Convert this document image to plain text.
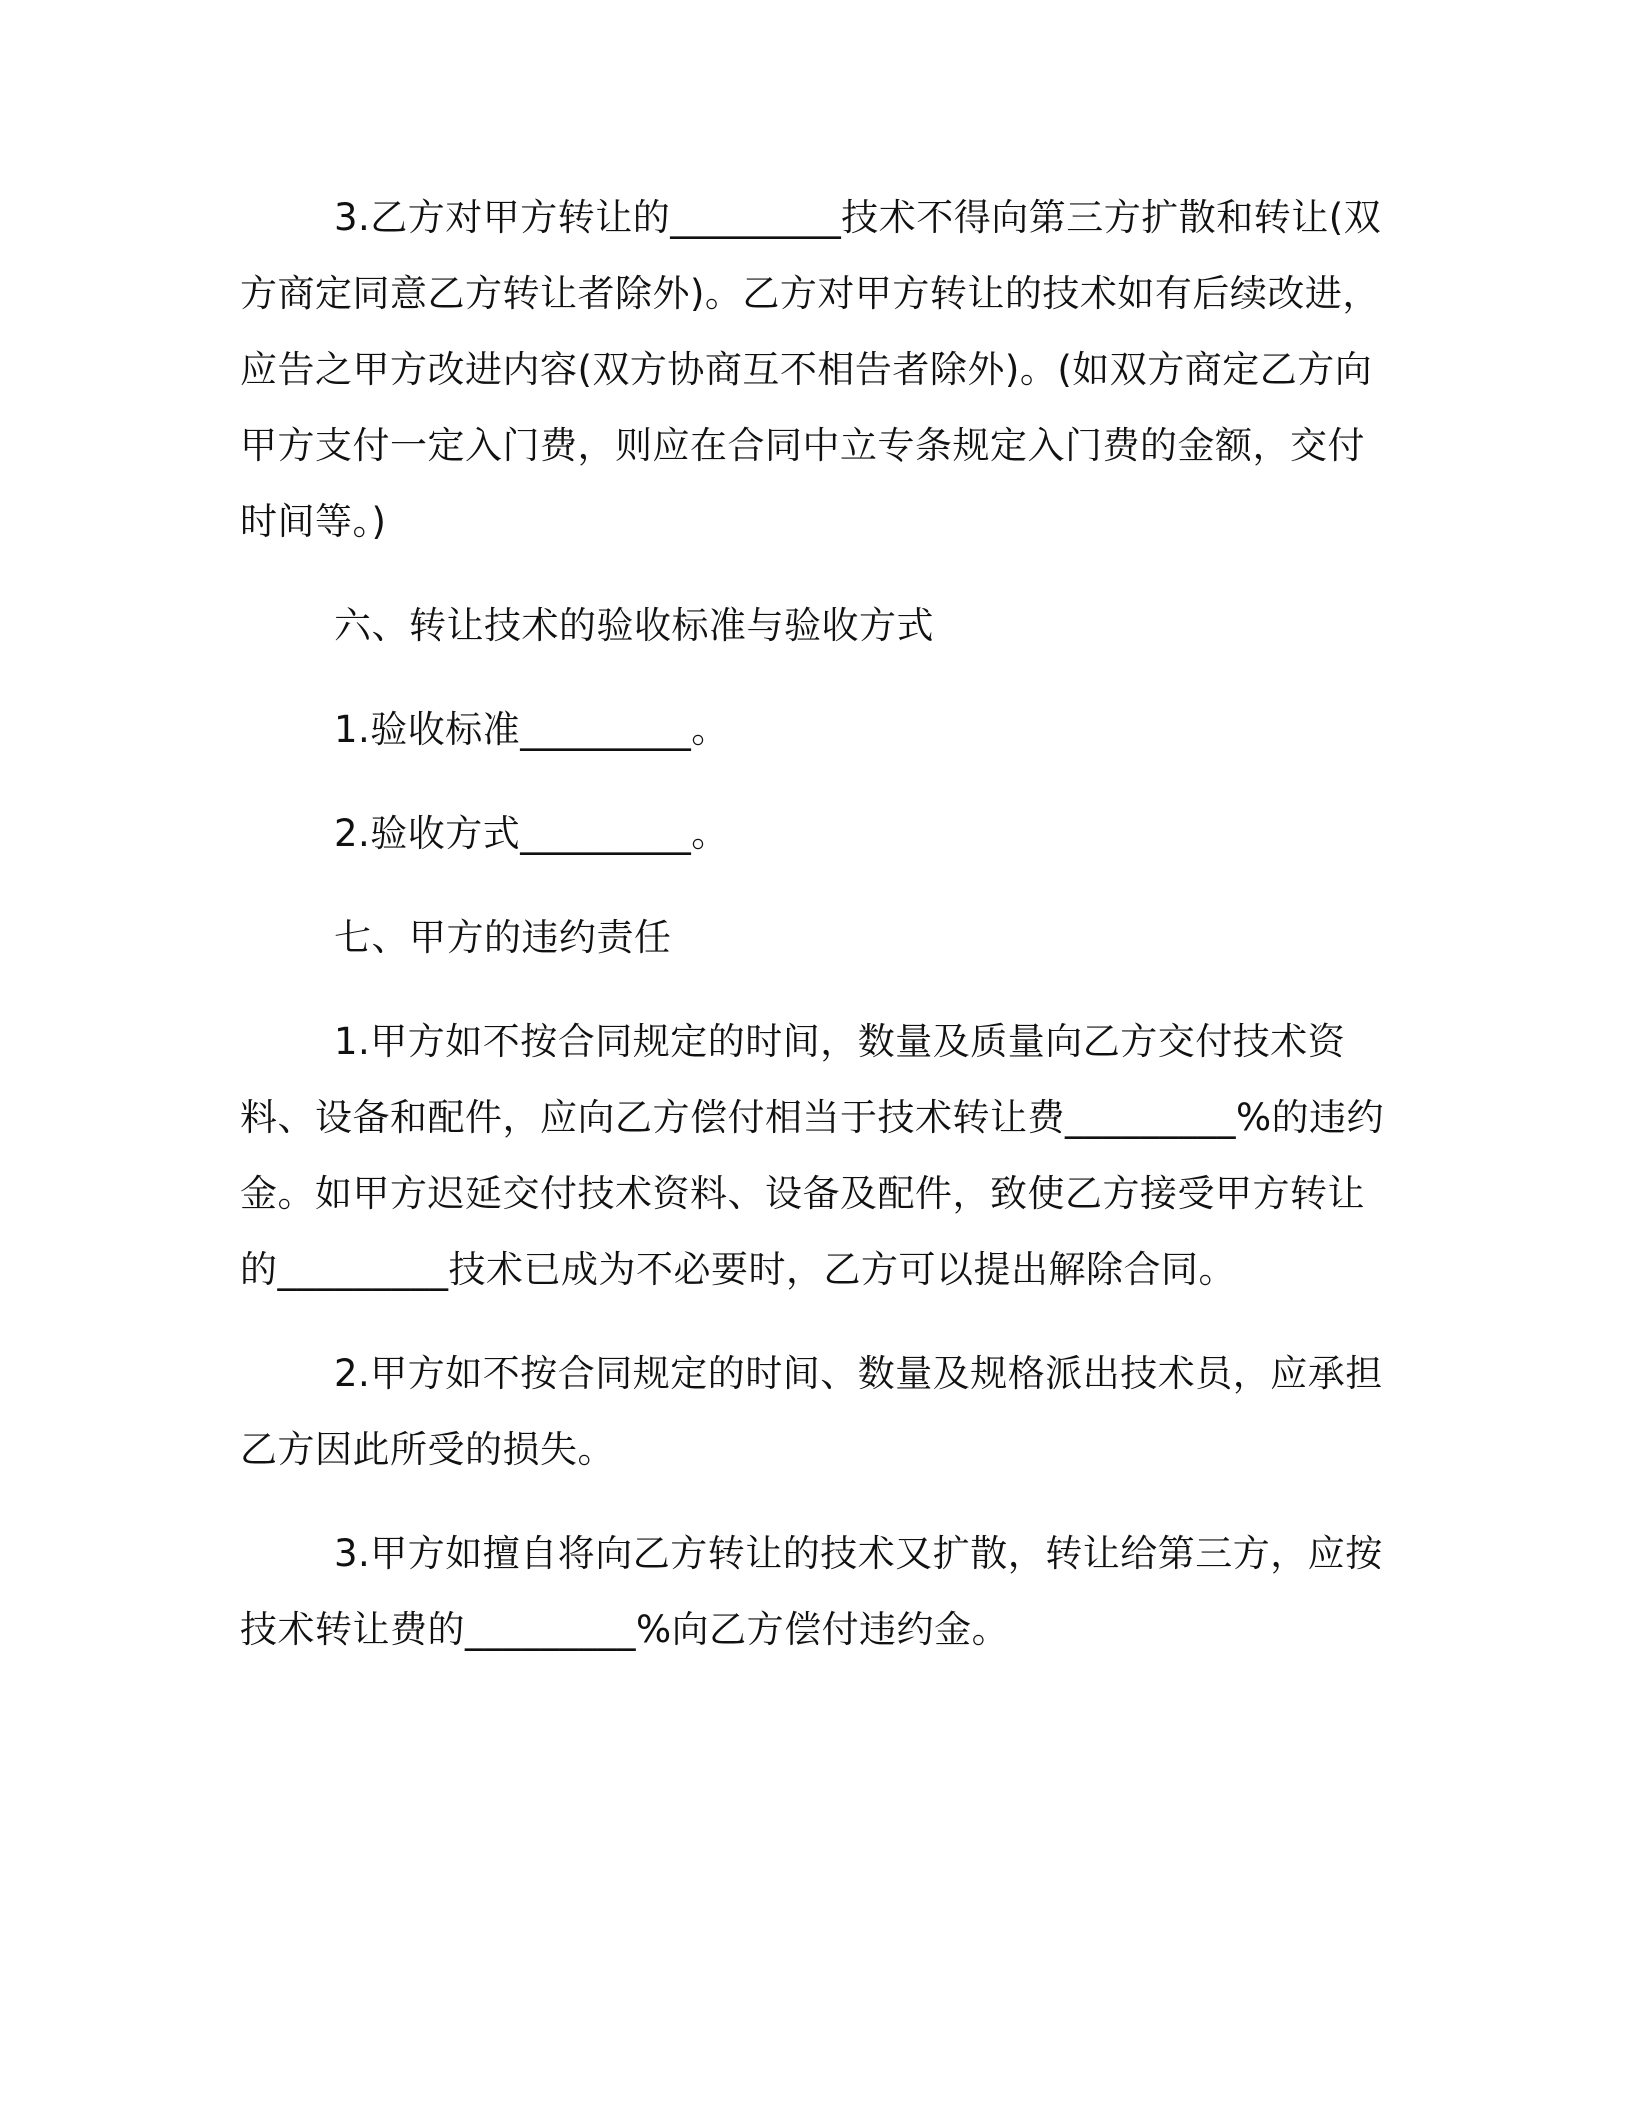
3.乙方对甲方转让的_________技术不得向第三方扩散和转让(双方商定同意乙方转让者除外)。乙方对甲方转让的技术如有后续改进，应告之甲方改进内容(双方协商互不相告者除外)。(如双方商定乙方向甲方支付一定入门费，则应在合同中立专条规定入门费的金额，交付时间等。)

六、转让技术的验收标准与验收方式

1.验收标准_________。

2.验收方式_________。

七、甲方的违约责任

1.甲方如不按合同规定的时间，数量及质量向乙方交付技术资料、设备和配件，应向乙方偿付相当于技术转让费_________%的违约金。如甲方迟延交付技术资料、设备及配件，致使乙方接受甲方转让的_________技术已成为不必要时，乙方可以提出解除合同。

2.甲方如不按合同规定的时间、数量及规格派出技术员，应承担乙方因此所受的损失。

3.甲方如擅自将向乙方转让的技术又扩散，转让给第三方，应按技术转让费的_________%向乙方偿付违约金。
